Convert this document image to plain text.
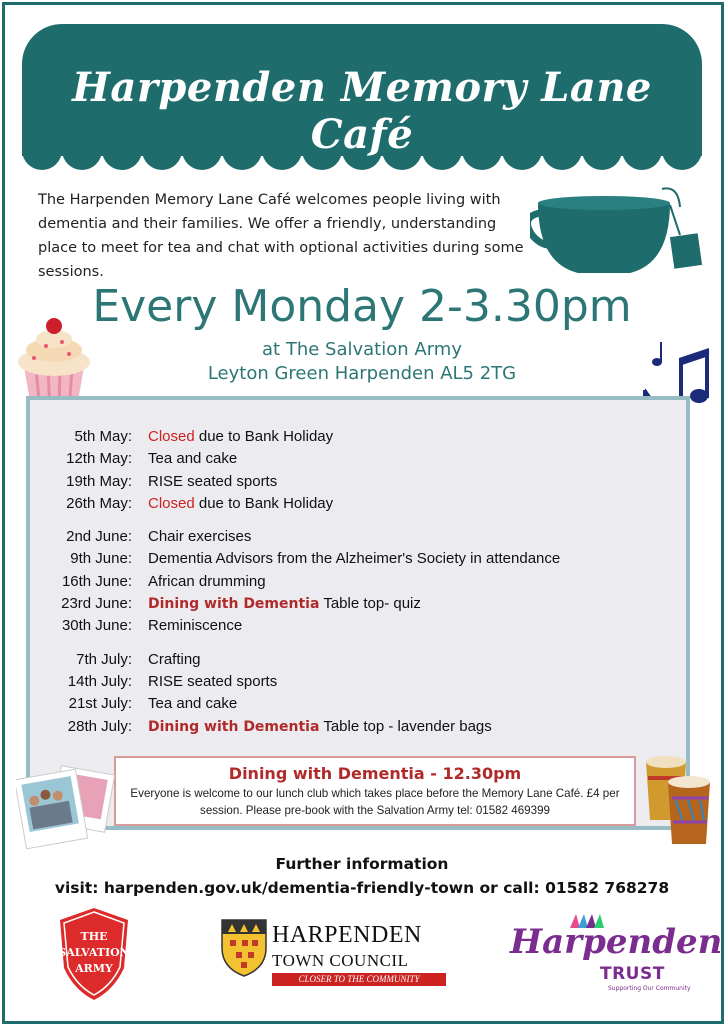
Harpenden Memory Lane Café
The Harpenden Memory Lane Café welcomes people living with dementia and their families. We offer a friendly, understanding place to meet for tea and chat with optional activities during some sessions.
Every Monday 2-3.30pm
at The Salvation Army
Leyton Green Harpenden AL5 2TG
5th May:	Closed due to Bank Holiday
12th May:	Tea and cake
19th May:	RISE seated sports
26th May:	Closed due to Bank Holiday
2nd June:	Chair exercises
9th June:	Dementia Advisors from the Alzheimer's Society in attendance
16th June:	African drumming
23rd June:	Dining with Dementia Table top- quiz
30th June:	Reminiscence
7th July:	Crafting
14th July:	RISE seated sports
21st July:	Tea and cake
28th July:	Dining with Dementia Table top - lavender bags
Dining with Dementia - 12.30pm
Everyone is welcome to our lunch club which takes place before the Memory Lane Café. £4 per session. Please pre-book with the Salvation Army tel: 01582 469399
Further information
visit: harpenden.gov.uk/dementia-friendly-town or call: 01582 768278
THE
SALVATION
ARMY
HARPENDEN
TOWN COUNCIL
CLOSER TO THE COMMUNITY
Harpenden
TRUST
Supporting Our Community
